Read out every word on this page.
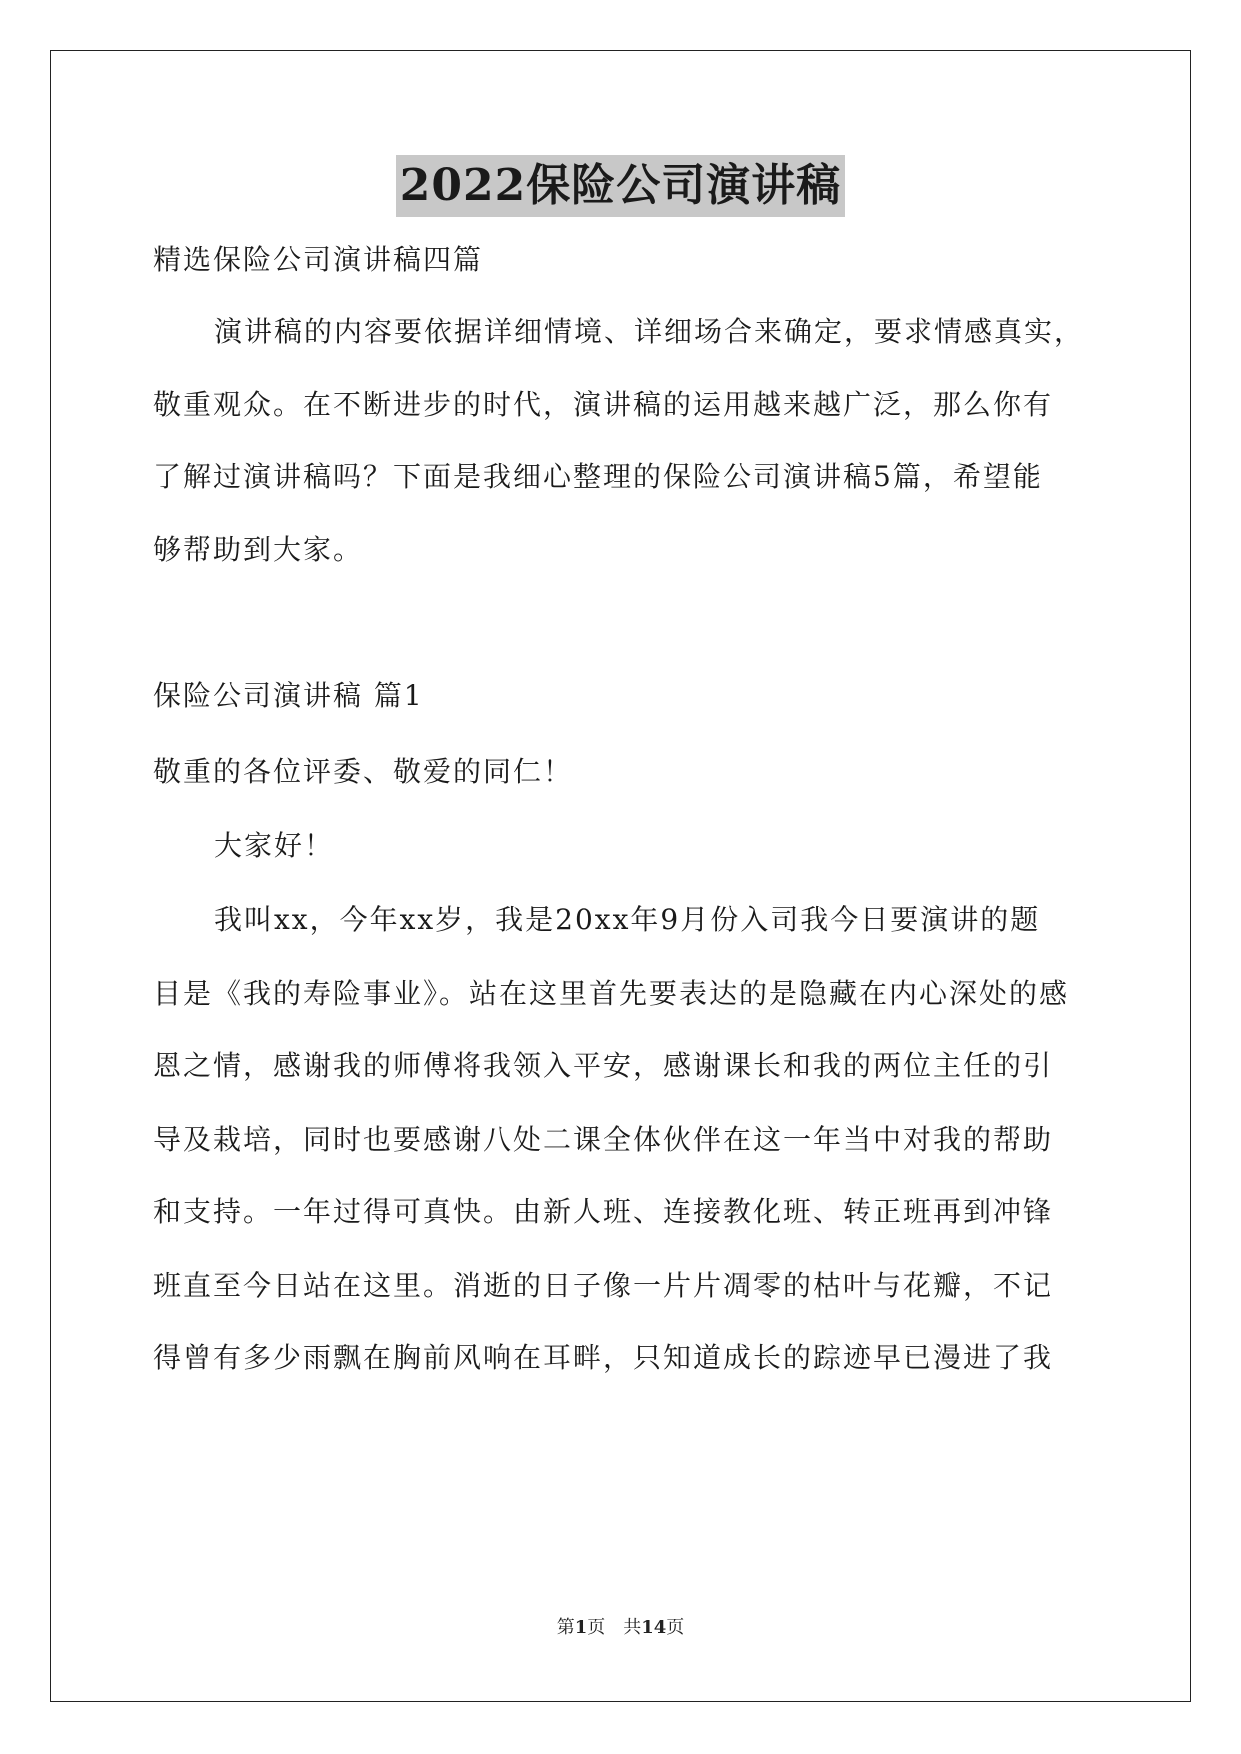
2022保险公司演讲稿
精选保险公司演讲稿四篇
演讲稿的内容要依据详细情境、详细场合来确定，要求情感真实，
敬重观众。在不断进步的时代，演讲稿的运用越来越广泛，那么你有
了解过演讲稿吗？下面是我细心整理的保险公司演讲稿5篇，希望能
够帮助到大家。
保险公司演讲稿 篇1
敬重的各位评委、敬爱的同仁！
大家好！
我叫xx，今年xx岁，我是20xx年9月份入司我今日要演讲的题
目是《我的寿险事业》。站在这里首先要表达的是隐藏在内心深处的感
恩之情，感谢我的师傅将我领入平安，感谢课长和我的两位主任的引
导及栽培，同时也要感谢八处二课全体伙伴在这一年当中对我的帮助
和支持。一年过得可真快。由新人班、连接教化班、转正班再到冲锋
班直至今日站在这里。消逝的日子像一片片凋零的枯叶与花瓣，不记
得曾有多少雨飘在胸前风响在耳畔，只知道成长的踪迹早已漫进了我
第1页 共14页
